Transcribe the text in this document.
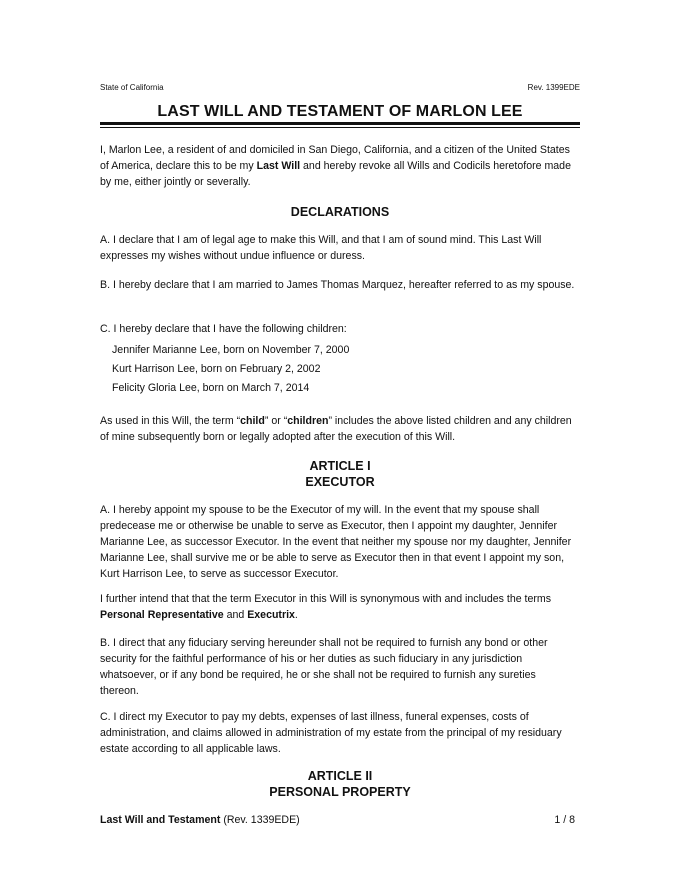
State of California	Rev. 1399EDE
LAST WILL AND TESTAMENT OF MARLON LEE
I, Marlon Lee, a resident of and domiciled in San Diego, California, and a citizen of the United States of America, declare this to be my Last Will and hereby revoke all Wills and Codicils heretofore made by me, either jointly or severally.
DECLARATIONS
A. I declare that I am of legal age to make this Will, and that I am of sound mind. This Last Will expresses my wishes without undue influence or duress.
B. I hereby declare that I am married to James Thomas Marquez, hereafter referred to as my spouse.
C. I hereby declare that I have the following children:
Jennifer Marianne Lee, born on November 7, 2000
Kurt Harrison Lee, born on February 2, 2002
Felicity Gloria Lee, born on March 7, 2014
As used in this Will, the term “child” or “children” includes the above listed children and any children of mine subsequently born or legally adopted after the execution of this Will.
ARTICLE I
EXECUTOR
A. I hereby appoint my spouse to be the Executor of my will. In the event that my spouse shall predecease me or otherwise be unable to serve as Executor, then I appoint my daughter, Jennifer Marianne Lee, as successor Executor. In the event that neither my spouse nor my daughter, Jennifer Marianne Lee, shall survive me or be able to serve as Executor then in that event I appoint my son, Kurt Harrison Lee, to serve as successor Executor.
I further intend that that the term Executor in this Will is synonymous with and includes the terms Personal Representative and Executrix.
B. I direct that any fiduciary serving hereunder shall not be required to furnish any bond or other security for the faithful performance of his or her duties as such fiduciary in any jurisdiction whatsoever, or if any bond be required, he or she shall not be required to furnish any sureties thereon.
C. I direct my Executor to pay my debts, expenses of last illness, funeral expenses, costs of administration, and claims allowed in administration of my estate from the principal of my residuary estate according to all applicable laws.
ARTICLE II
PERSONAL PROPERTY
Last Will and Testament (Rev. 1339EDE)	1 / 8
